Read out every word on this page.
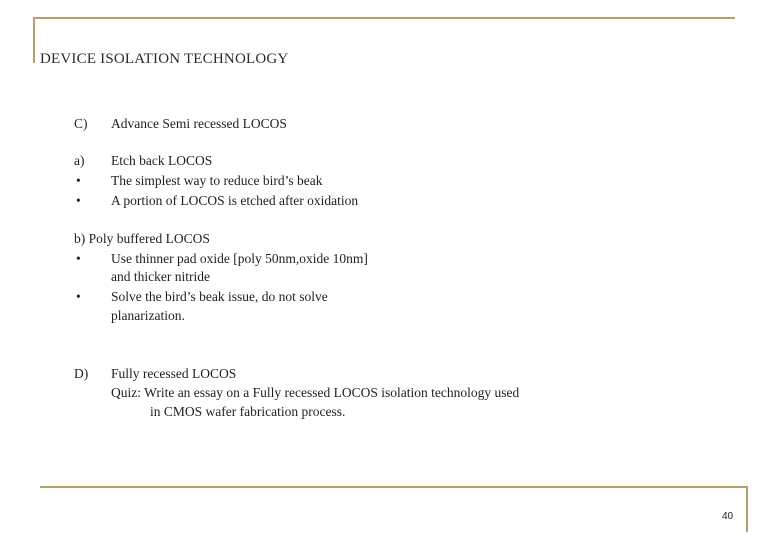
DEVICE ISOLATION TECHNOLOGY
C) Advance Semi recessed LOCOS
a) Etch back LOCOS
• The simplest way to reduce bird’s beak
• A portion of LOCOS is etched after oxidation
b) Poly buffered LOCOS
• Use thinner pad oxide [poly 50nm,oxide 10nm]
and thicker nitride
• Solve the bird’s beak issue, do not solve
planarization.
D) Fully recessed LOCOS
Quiz: Write an essay on a Fully recessed LOCOS isolation technology used
in CMOS wafer fabrication process.
40
